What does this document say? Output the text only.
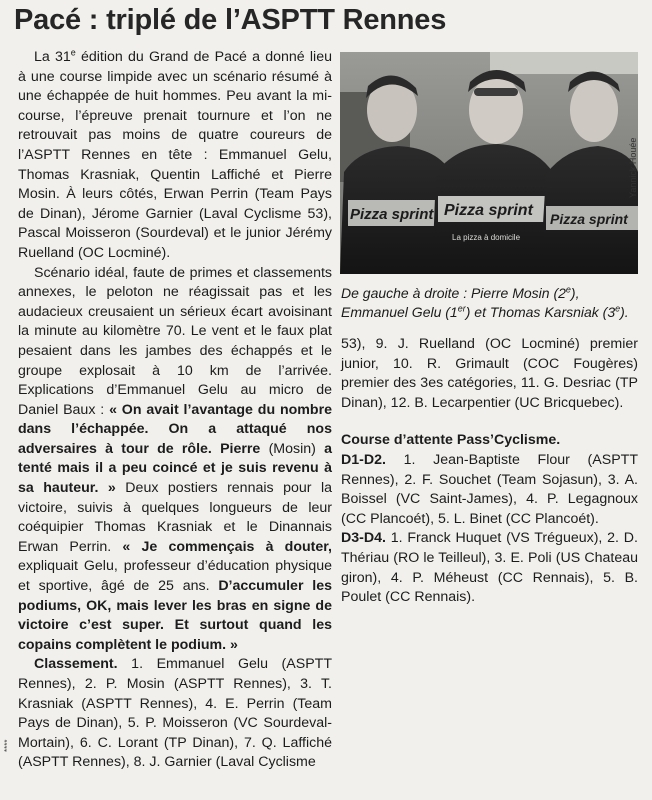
Pacé : triplé de l’ASPTT Rennes

La 31e édition du Grand de Pacé a donné lieu à une course limpide avec un scénario résumé à une échappée de huit hommes. Peu avant la mi-course, l’épreuve prenait tournure et l’on ne retrouvait pas moins de quatre coureurs de l’ASPTT Rennes en tête : Emmanuel Gelu, Thomas Krasniak, Quentin Laffiché et Pierre Mosin. À leurs côtés, Erwan Perrin (Team Pays de Dinan), Jérome Garnier (Laval Cyclisme 53), Pascal Moisseron (Sourdeval) et le junior Jérémy Ruelland (OC Locminé).

Scénario idéal, faute de primes et classements annexes, le peloton ne réagissait pas et les audacieux creusaient un sérieux écart avoisinant la minute au kilomètre 70. Le vent et le faux plat pesaient dans les jambes des échappés et le groupe explosait à 10 km de l’arrivée. Explications d’Emmanuel Gelu au micro de Daniel Baux : « On avait l’avantage du nombre dans l’échappée. On a attaqué nos adversaires à tour de rôle. Pierre (Mosin) a tenté mais il a peu coincé et je suis revenu à sa hauteur. » Deux postiers rennais pour la victoire, suivis à quelques longueurs de leur coéquipier Thomas Krasniak et le Dinannais Erwan Perrin. « Je commençais à douter, expliquait Gelu, professeur d’éducation physique et sportive, âgé de 25 ans. D’accumuler les podiums, OK, mais lever les bras en signe de victoire c’est super. Et surtout quand les copains complètent le podium. »

Classement. 1. Emmanuel Gelu (ASPTT Rennes), 2. P. Mosin (ASPTT Rennes), 3. T. Krasniak (ASPTT Rennes), 4. E. Perrin (Team Pays de Dinan), 5. P. Moisseron (VC Sourdeval-Mortain), 6. C. Lorant (TP Dinan), 7. Q. Laffiché (ASPTT Rennes), 8. J. Garnier (Laval Cyclisme

Pizza sprint Pizza sprint Pizza sprint
La pizza à domicile
Yannick Houée
De gauche à droite : Pierre Mosin (2e), Emmanuel Gelu (1er) et Thomas Karsniak (3e).

53), 9. J. Ruelland (OC Locminé) premier junior, 10. R. Grimault (COC Fougères) premier des 3es catégories, 11. G. Desriac (TP Dinan), 12. B. Lecarpentier (UC Bricquebec).

Course d’attente Pass’Cyclisme.

D1-D2. 1. Jean-Baptiste Flour (ASPTT Rennes), 2. F. Souchet (Team Sojasun), 3. A. Boissel (VC Saint-James), 4. P. Legagnoux (CC Plancoét), 5. L. Binet (CC Plancoét).

D3-D4. 1. Franck Huquet (VS Trégueux), 2. D. Thériau (RO le Teilleul), 3. E. Poli (US Chateau giron), 4. P. Méheust (CC Rennais), 5. B. Poulet (CC Rennais).

****
